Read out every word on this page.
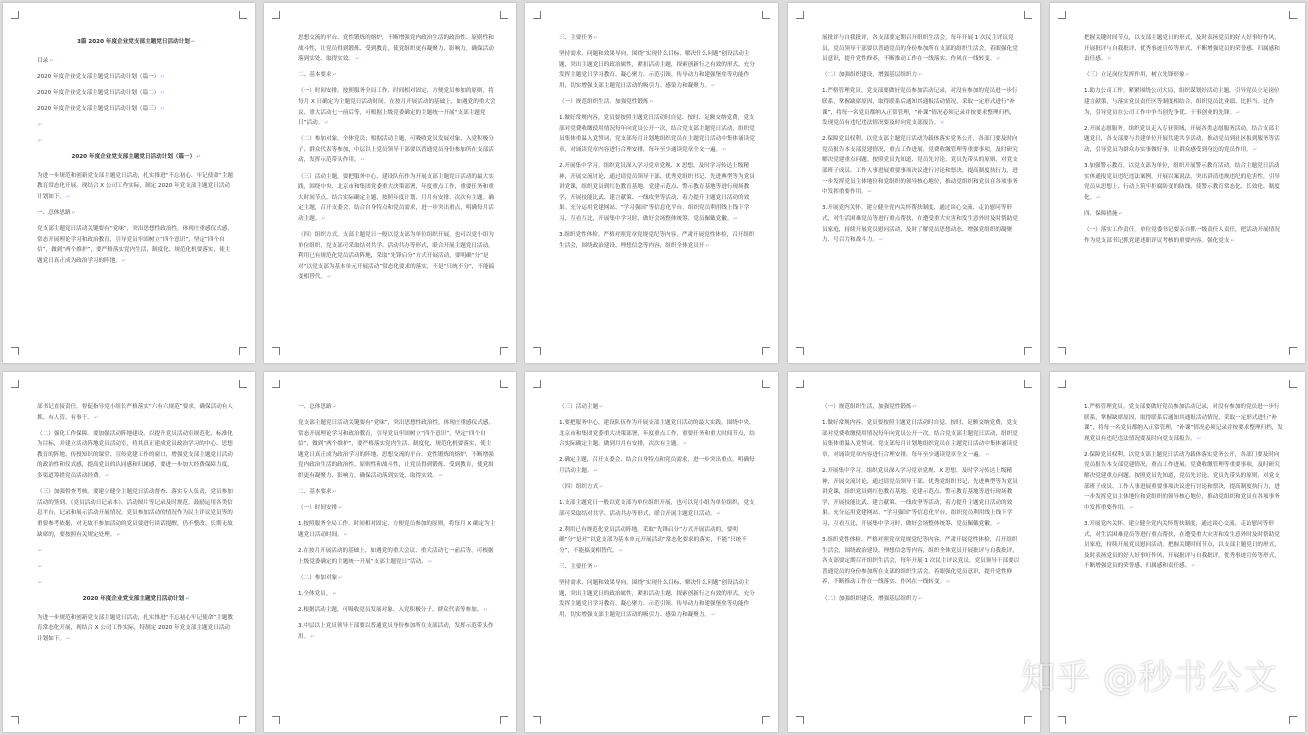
3篇 2020 年度企业党支部主题党日活动计划↵
目录↵
2020 年度企业党支部主题党日活动计划（篇一）↵
2020 年度企业党支部主题党日活动计划（篇二）↵
2020 年度企业党支部主题党日活动计划（篇三）↵
↵
↵
2020 年度企业党支部主题党日活动计划（篇一）↵
为进一步规范和创新党支部主题党日活动，扎实推进“不忘初心、牢记使命”主题教育常态化开展，现结合 X 公司工作实际，制定 2020 年党支部主题党日活动计划如下。↵
一、总体思路↵
党支部主题党日活动关键要有“党味”，突出思想性政治性，体现庄重感仪式感，常态开展理论学习和政治教育，引导党员牢固树立“四个意识”，坚定“四个自信”，做到“两个维护”，要严格落实党内生活、制度化、规范化机要落实，使主题党日真正成为政治学习的阵地。↵
思想交流的平台、党性锻炼的熔炉，不断增强党内政治生活的政治性、原则性和战斗性，让党员得到锻炼、受到教育，使党组织更有凝聚力、影响力，确保活动落到实处、取得实效。↵
二、基本要求↵
（一）时间安排。按照服务全局工作、时间相对固定、方便党员参加的原则，将每月 X 日确定为主题党日活动时间。在按月开展活动的基础上，如遇党的重大会议、重大活动七一前后等，可根据上级党委确定的主题统一开展“支部主题党日”活动。↵
（二）参加对象。全体党员；根据活动主题，可吸收党员发展对象、入党积极分子、群众代表等参加，中层以上党员领导干部要以普通党员身份参加所在支部活动，发挥示范带头作用。↵
（三）活动主题。要把服务中心、建设队伍作为开展支部主题党日活动的最大实践，围绕中央、北京市和集团党委重大决策部署，年度重点工作，重要任务和重大时间节点，结合实际确定主题，按照年度计划、月月有安排、次次有主题。确定主题，召开支委会，结合自身特点和党员需求，进一步突出重点，明确每月活动主题。↵
（四）组织方式。支部主题党日一般以党支部为单位组织开展，也可以党小组为单位组织，党支部可采取结对共学、活动共办等形式，联合开展主题党日活动。利用已有规范化党员活动阵地，采取“先锋启分”方式开展活动，要明确“分”是对“以党支部为基本单元开展活动”常态化要求的落实，不是“只统不分”，不能搞变相替代。↵
三、主要任务↵
坚持需求、问题和效果导向，围绕“实现什么目标、解决什么问题”创设活动主题，突出主题党日的政治属性，紧扣活动主题，探索创新行之有效的形式，充分发挥主题党日学习教育、凝心聚力、示范引领、传导动力和建强堡垒等功能作用，切实增强支部主题党日活动的吸引力、感染力和凝聚力。↵
（一）规范组织生活，加强党性锻炼↵
1.做好常规内容。党员要按照主题党日活动时自觉、按时、足额交纳党费，党支部对党费收缴使用情况每年向党员公开一次。结合党支部主题党日活动，组织党员集体重温入党誓词、党支部每月计划地组织党员在主题党日活动中集体诵读党章，对诵读党章内容进行合理安排，每年至少通读党章全文一遍。↵
2.开展集中学习。组织党员深入学习党章党规、X 思想，及时学习传达上级精神，开展交流讨论，通过请党员领导干部、优秀党组织书记、先进典型等为党员讲党课，组织党员到红色教育基地、党建示范点、警示教育基地等进行现场教学，开展技能比武、建言献策、一线攻坚等活动，着力提升主题党日活动的效果。充分运用党建网站、“学习强国”等信息化平台，组织党员利用线上线下学习，互看互比，开展集中学习时，做好会场整体统筹、党员佩戴党徽。↵
3.组织党性体检。严格对照党章党规党纪等内容，严肃开展党性体检，召开组织生活会，围绕政治建设、理想信念等内容，组织全体党员开↵
展批评与自我批评，各支部要定期召开组织生活会，每年开展 1 次民主评议党员，党员领导干部要以普通党员的身份参加所在支部的组织生活会，着眼强化党员意识，提升党性修养，不断推动工作在一线落实、作风在一线转变。↵
（二）加强组织建设，增强基层组织力↵
1.严格管理党员。党支部要做好党员参加活动记录，对没有参加的党员进一步行联系，掌握缺席原因，取得联系后通知其通报活动情况，采取一定形式进行“补课”，将每一名党员都纳入正常管理，“补课”情况必须记录并按要求整理归档，发现党员有违纪违法情况要及时向党支部报告。↵
2.保障党员权利。以党支部主题党日活动为载体落实党务公开，各部门要及时向党员报告本支部党建情况，重点工作进展、党费收缴管理等重要事项，及时研究解决党建重点问题。按照党员先知道、党员先讨论、党员先带头的原则，对党支部班子成员、工作人事进展重要事项决议进行讨论和票决，提高制度执行力，进一步发挥党员主体地位和党组织的领导核心地位，推动党组织和党员在各项事务中发挥重要作用。↵
3.开展党内关怀。建立健全党内关怀帮扶制度，通过谈心交流、走访慰问等形式，对生活困难党员等进行重点帮扶，在遭受重大灾害和发生意外时及时帮助党员家庭，持续开展党员慰问活动，及时了解党员思想动态，增强党组织的凝聚力、号召力和战斗力。↵
把握关键时间节点，以支部主题党日的形式，及时表扬党员的好人好事好作风，开展批评与自我批评，优秀事迹宣传等形式，不断增强党员的荣誉感、归属感和责任感。↵
（三）立足岗位发挥作用，树立先锋形象↵
1.助力公司工作。紧紧围绕公司大局，组织谋划好活动主题，引导党员立足岗位建言献策，与落实党员责任区等制度相结合，组织党员比业绩、比担当、比作为，引导党员在公司工作中争当创先争优、干事创业的先锋。↵
2.开展志愿服务。组织党员走入专业领域，开展各类志愿服务活动，结合支部主题党日，各支部要与共建单位开展共建共享活动，推动党员到社区报到服务等活动，引导党员为群众办实事做好事，让群众感受到身边的党员作用。↵
3.加强警示教育。以党支部为单位，组织开展警示教育活动，结合主题党日活动实体通报党员违纪违法案例，开展以案说法，突出讲清违规违纪的危害性，引导党员从思想上、行动上筑牢拒腐防变的防线，使警示教育常态化、长效化、制度化。↵
四、保障措施↵
（一）落实工作责任。单位党委书记要亲自抓一级责任人责任，把活动开展情况作为党支部书记抓党建述职评议考核的重要内容。强化党支↵
部书记直接责任，督促指导党小组长严格落实“六有六规范”要求，确保活动有人抓、有人管、有事干。↵
（二）强化工作保障。要加强活动阵地建设，以提升党员活动室规范化、标准化为目标，并建立活动阵地党员活动室，将其真正建成党员政治学习的中心、思想教育的阵地、传授知识的课堂、宣传党建工作的窗口，增强党支部主题党日活动的政治性和仪式感，提高党员的认同感和归属感，要进一步加大经费保障力度，多渠道筹措党员活动经费。↵
（三）加强督查考核。要建立健全主题党日活动督查、落实专人负责，党员参加活动的签到、《党员活动日记录本》、活动图片等记录及时规范。鼓励运用各类信息平台，记录和展示活动开展情况。党员参加活动的情况作为民主评议党员等的重要参考依据，对无故不参加活动的党员要进行谈话提醒，仍不整改、长期无故缺席的，要按照有关规定处理。↵
↵
↵
↵
2020 年度企业党支部主题党日活动计划↵
为进一步规范和创新党支部主题党日活动，扎实推进“不忘初心牢记使命”主题教育常态化开展，现结合 X 公司工作实际，特制定 2020 年党支部主题党日活动计划如下。↵
一、总体思路↵
党支部主题党日活动关键要有“党味”，突出思想性政治性，体现庄重感仪式感，常态开展理论学习和政治教育，引导党员牢固树立“四个意识”，坚定“四个自信”，做到“两个维护”，要严格落实党内生活、制度化、规范化机要落实，使主题党日真正成为政治学习的阵地、思想交流的平台、党性锻炼的熔炉，不断增强党内政治生活的政治性、原则性和战斗性，让党员得到锻炼、受到教育，使党组织更有凝聚力、影响力，确保活动落到实处、取得实效。↵
二、基本要求↵
（一）时间安排↵
1.按照服务全局工作、时间相对固定、方便党员参加的原则，将每月 X 确定为主题党日活动时间。↵
2.在按月开展活动的基础上，如遇党的重大会议、重大活动七一前后等，可根据上级党委确定的主题统一开展“支部主题党日”活动。↵
（二）参加对象↵
1.全体党员。↵
2.根据活动主题，可吸收党员发展对象、入党积极分子、群众代表等参加。↵
3.中层以上党员领导干部要以普通党员身份参加所在支部活动，发挥示范带头作用。↵
（三）活动主题↵
1.要把服务中心、建设队伍作为开展支部主题党日活动的最大实践，围绕中央、北京市和集团党委重大决策部署，年度重点工作，重要任务和重大时间节点，结合实际确定主题，做到月月有安排，次次有主题。↵
2.确定主题，召开支委会，结合自身特点和党员需求，进一步突出重点，明确每月活动主题。↵
（四）组织方式↵
1.支部主题党日一般以党支部为单位组织开展，也可以党小组为单位组织，党支部可采取结对共学、活动共办等形式，联合开展主题党日活动。↵
2.利用已有规范化党员活动阵地，采取“先锋启分”方式开展活动的，要明确“分”是对“以党支部为基本单元开展活动”常态化要求的落实，不能“只统不分”，不能搞变相替代。↵
三、主要任务↵
坚持需求、问题和效果导向，围绕“实现什么目标、解决什么问题”创设活动主题，突出主题党日的政治属性，紧扣活动主题，探索创新行之有效的形式，充分发挥主题党日学习教育、凝心聚力、示范引领、传导动力和建强堡垒等功能作用，切实增强支部主题党日活动的吸引力、感染力和凝聚力。↵
（一）规范组织生活，加强党性锻炼↵
1.做好常规内容。党员要按照主题党日活动时自觉、按时、足额交纳党费，党支部对党费收缴使用情况每年向党员公开一次。结合党支部主题党日活动，组织党员集体重温入党誓词、党支部每月计划地组织党员在主题党日活动中集体诵读党章，对诵读党章内容进行合理安排，每年至少通读党章全文一遍。↵
2.开展集中学习。组织党员深入学习党章党规、X 思想，及时学习传达上级精神，开展交流讨论，通过请党员领导干部、优秀党组织书记、先进典型等为党员讲党课，组织党员到红色教育基地、党建示范点、警示教育基地等进行现场教学，开展技能比武、建言献策、一线攻坚等活动，着力提升主题党日活动的效果。充分运用党建网站、“学习强国”等信息化平台，组织党员利用线上线下学习，互看互比，开展集中学习时，做好会场整体统筹、党员佩戴党徽。↵
3.组织党性体检。严格对照党章党规党纪等内容，严肃开展党性体检，召开组织生活会，围绕政治建设、理想信念等内容，组织全体党员开展批评与自我批评，各支部要定期召开组织生活会，每年开展 1 次民主评议党员，党员领导干部要以普通党员的身份参加所在支部的组织生活会，着眼强化党员意识，提升党性修养，不断推动工作在一线落实、作风在一线转变。↵
（二）加强组织建设，增强基层组织力↵
1.严格管理党员。党支部要做好党员参加活动记录，对没有参加的党员进一步行联系，掌握缺席原因，取得联系后通知其通报活动情况，采取一定形式进行“补课”，将每一名党员都纳入正常管理，“补课”情况必须记录并按要求整理归档，发现党员有违纪违法情况要及时向党支部报告。↵
2.保障党员权利。以党支部主题党日活动为载体落实党务公开，各部门要及时向党员报告本支部党建情况，重点工作进展、党费收缴管理等重要事项，及时研究解决党建重点问题。按照党员先知道、党员先讨论、党员先带头的原则，对党支部班子成员、工作人事进展重要事项决议进行讨论和票决，提高制度执行力，进一步发挥党员主体地位和党组织的领导核心地位，推动党组织和党员在各项事务中发挥重要作用。↵
3.开展党内关怀。建立健全党内关怀帮扶制度，通过谈心交流、走访慰问等形式，对生活困难党员等进行重点帮扶，在遭受重大灾害和发生意外时及时帮助党员家庭，持续开展党员慰问活动。把握关键时间节点，以支部主题党日的形式，及时表扬党员的好人好事好作风，开展批评与自我批评，优秀事迹宣传等形式，不断增强党员的荣誉感、归属感和责任感。↵
知乎 @秒书公文
